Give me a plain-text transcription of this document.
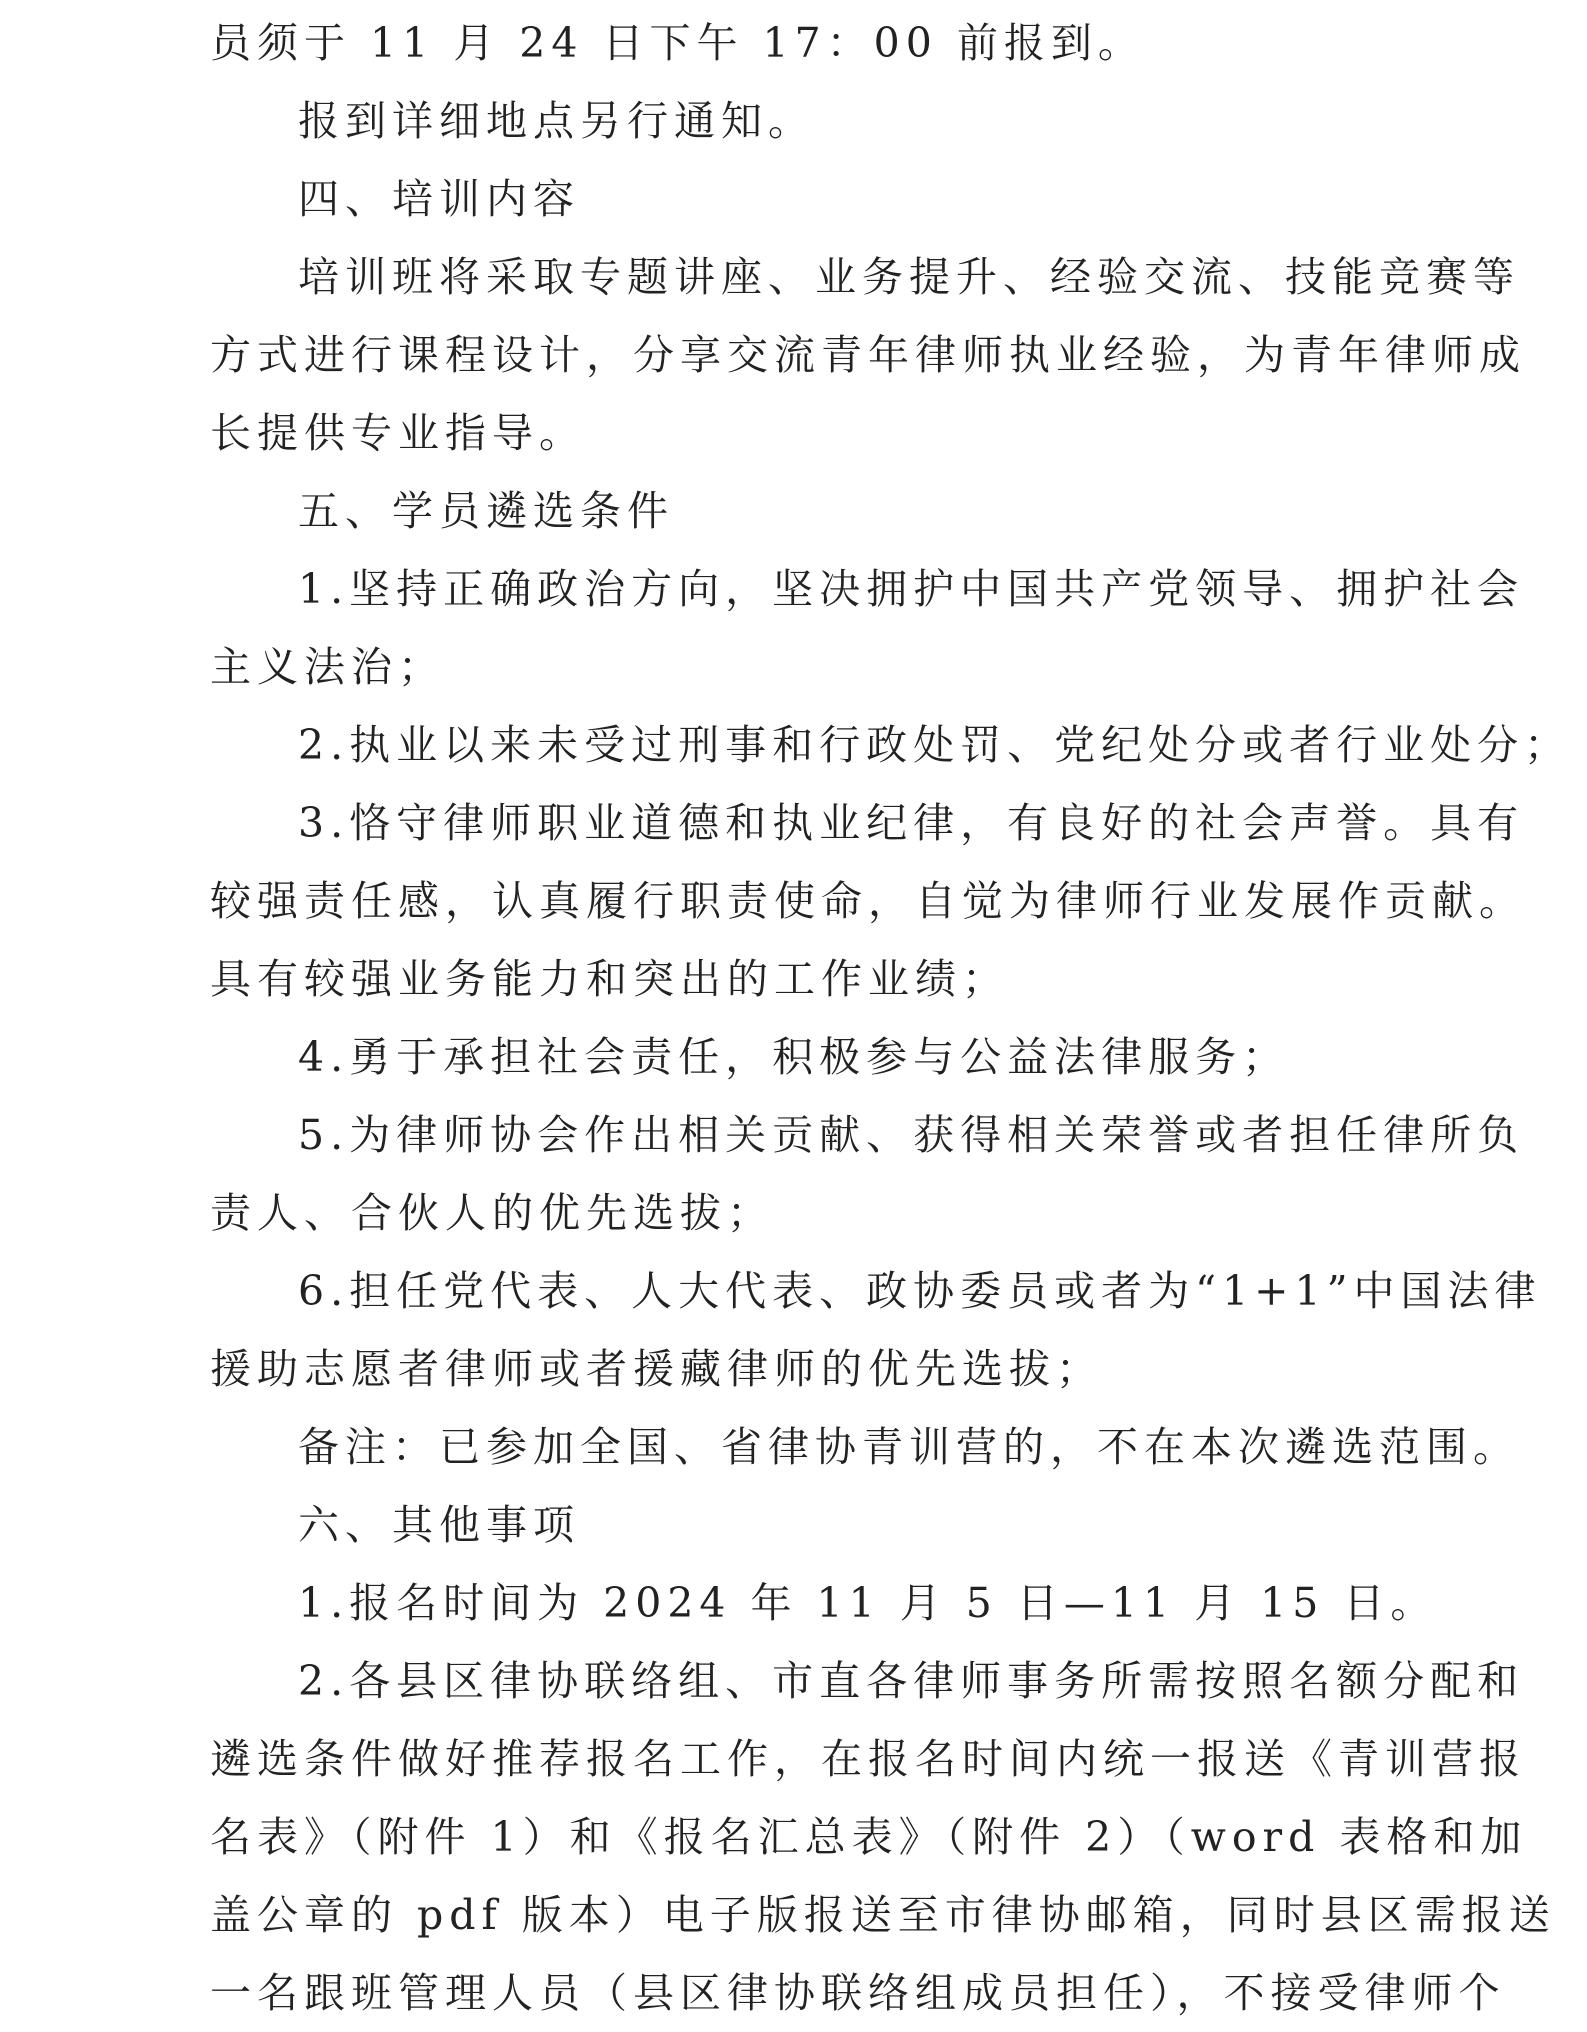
员须于 11 月 24 日下午 17：00 前报到。
报到详细地点另行通知。
四、培训内容
培训班将采取专题讲座、业务提升、经验交流、技能竞赛等
方式进行课程设计，分享交流青年律师执业经验，为青年律师成
长提供专业指导。
五、学员遴选条件
1.坚持正确政治方向，坚决拥护中国共产党领导、拥护社会
主义法治；
2.执业以来未受过刑事和行政处罚、党纪处分或者行业处分；
3.恪守律师职业道德和执业纪律，有良好的社会声誉。具有
较强责任感，认真履行职责使命，自觉为律师行业发展作贡献。
具有较强业务能力和突出的工作业绩；
4.勇于承担社会责任，积极参与公益法律服务；
5.为律师协会作出相关贡献、获得相关荣誉或者担任律所负
责人、合伙人的优先选拔；
6.担任党代表、人大代表、政协委员或者为“1+1”中国法律
援助志愿者律师或者援藏律师的优先选拔；
备注：已参加全国、省律协青训营的，不在本次遴选范围。
六、其他事项
1.报名时间为 2024 年 11 月 5 日—11 月 15 日。
2.各县区律协联络组、市直各律师事务所需按照名额分配和
遴选条件做好推荐报名工作，在报名时间内统一报送《青训营报
名表》（附件 1）和《报名汇总表》（附件 2）（word 表格和加
盖公章的 pdf 版本）电子版报送至市律协邮箱，同时县区需报送
一名跟班管理人员（县区律协联络组成员担任），不接受律师个
